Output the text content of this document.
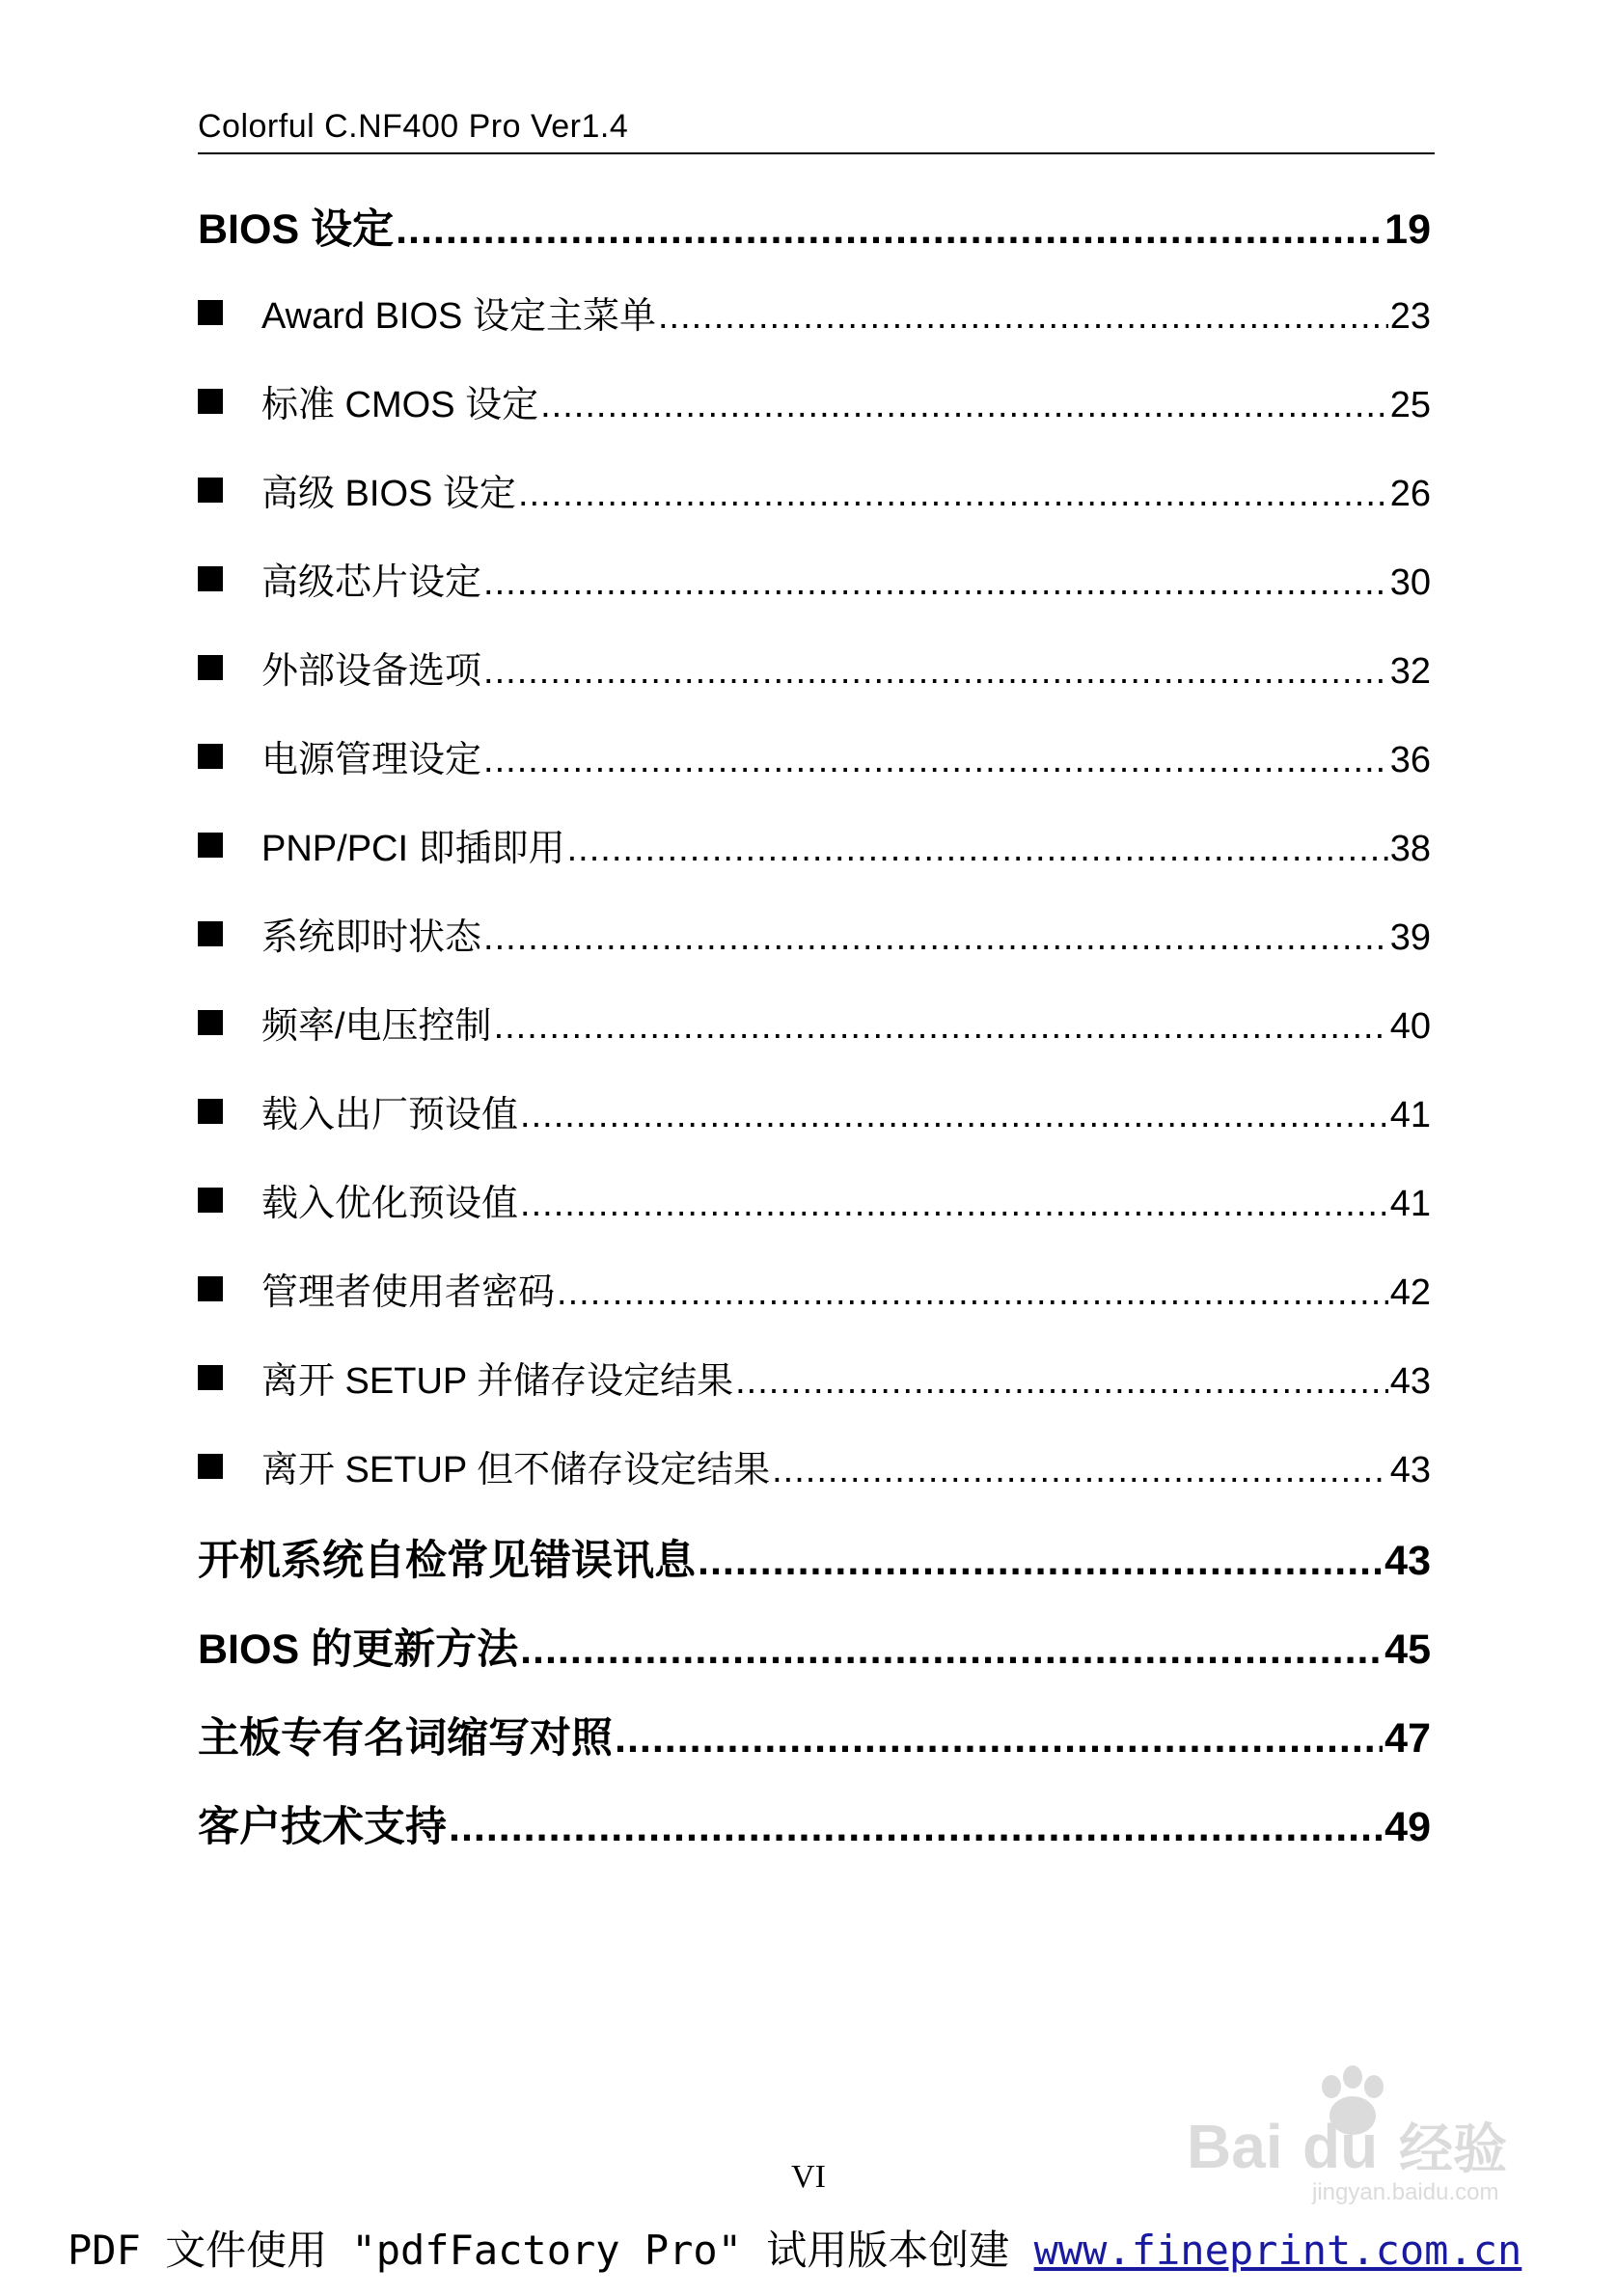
Colorful C.NF400 Pro Ver1.4
BIOS 设定 .....	19
Award BIOS 设定主菜单 .....	23
标准 CMOS 设定 .....	25
高级 BIOS 设定 .....	26
高级芯片设定 .....	30
外部设备选项 .....	32
电源管理设定 .....	36
PNP/PCI 即插即用 .....	38
系统即时状态 .....	39
频率/电压控制 .....	40
载入出厂预设值 .....	41
载入优化预设值 .....	41
管理者使用者密码 .....	42
离开 SETUP 并储存设定结果 .....	43
离开 SETUP 但不储存设定结果 .....	43
开机系统自检常见错误讯息 .....	43
BIOS 的更新方法 .....	45
主板专有名词缩写对照 .....	47
客户技术支持 .....	49
VI
PDF 文件使用 "pdfFactory Pro" 试用版本创建 www.fineprint.com.cn
Bai du 经验
jingyan.baidu.com
